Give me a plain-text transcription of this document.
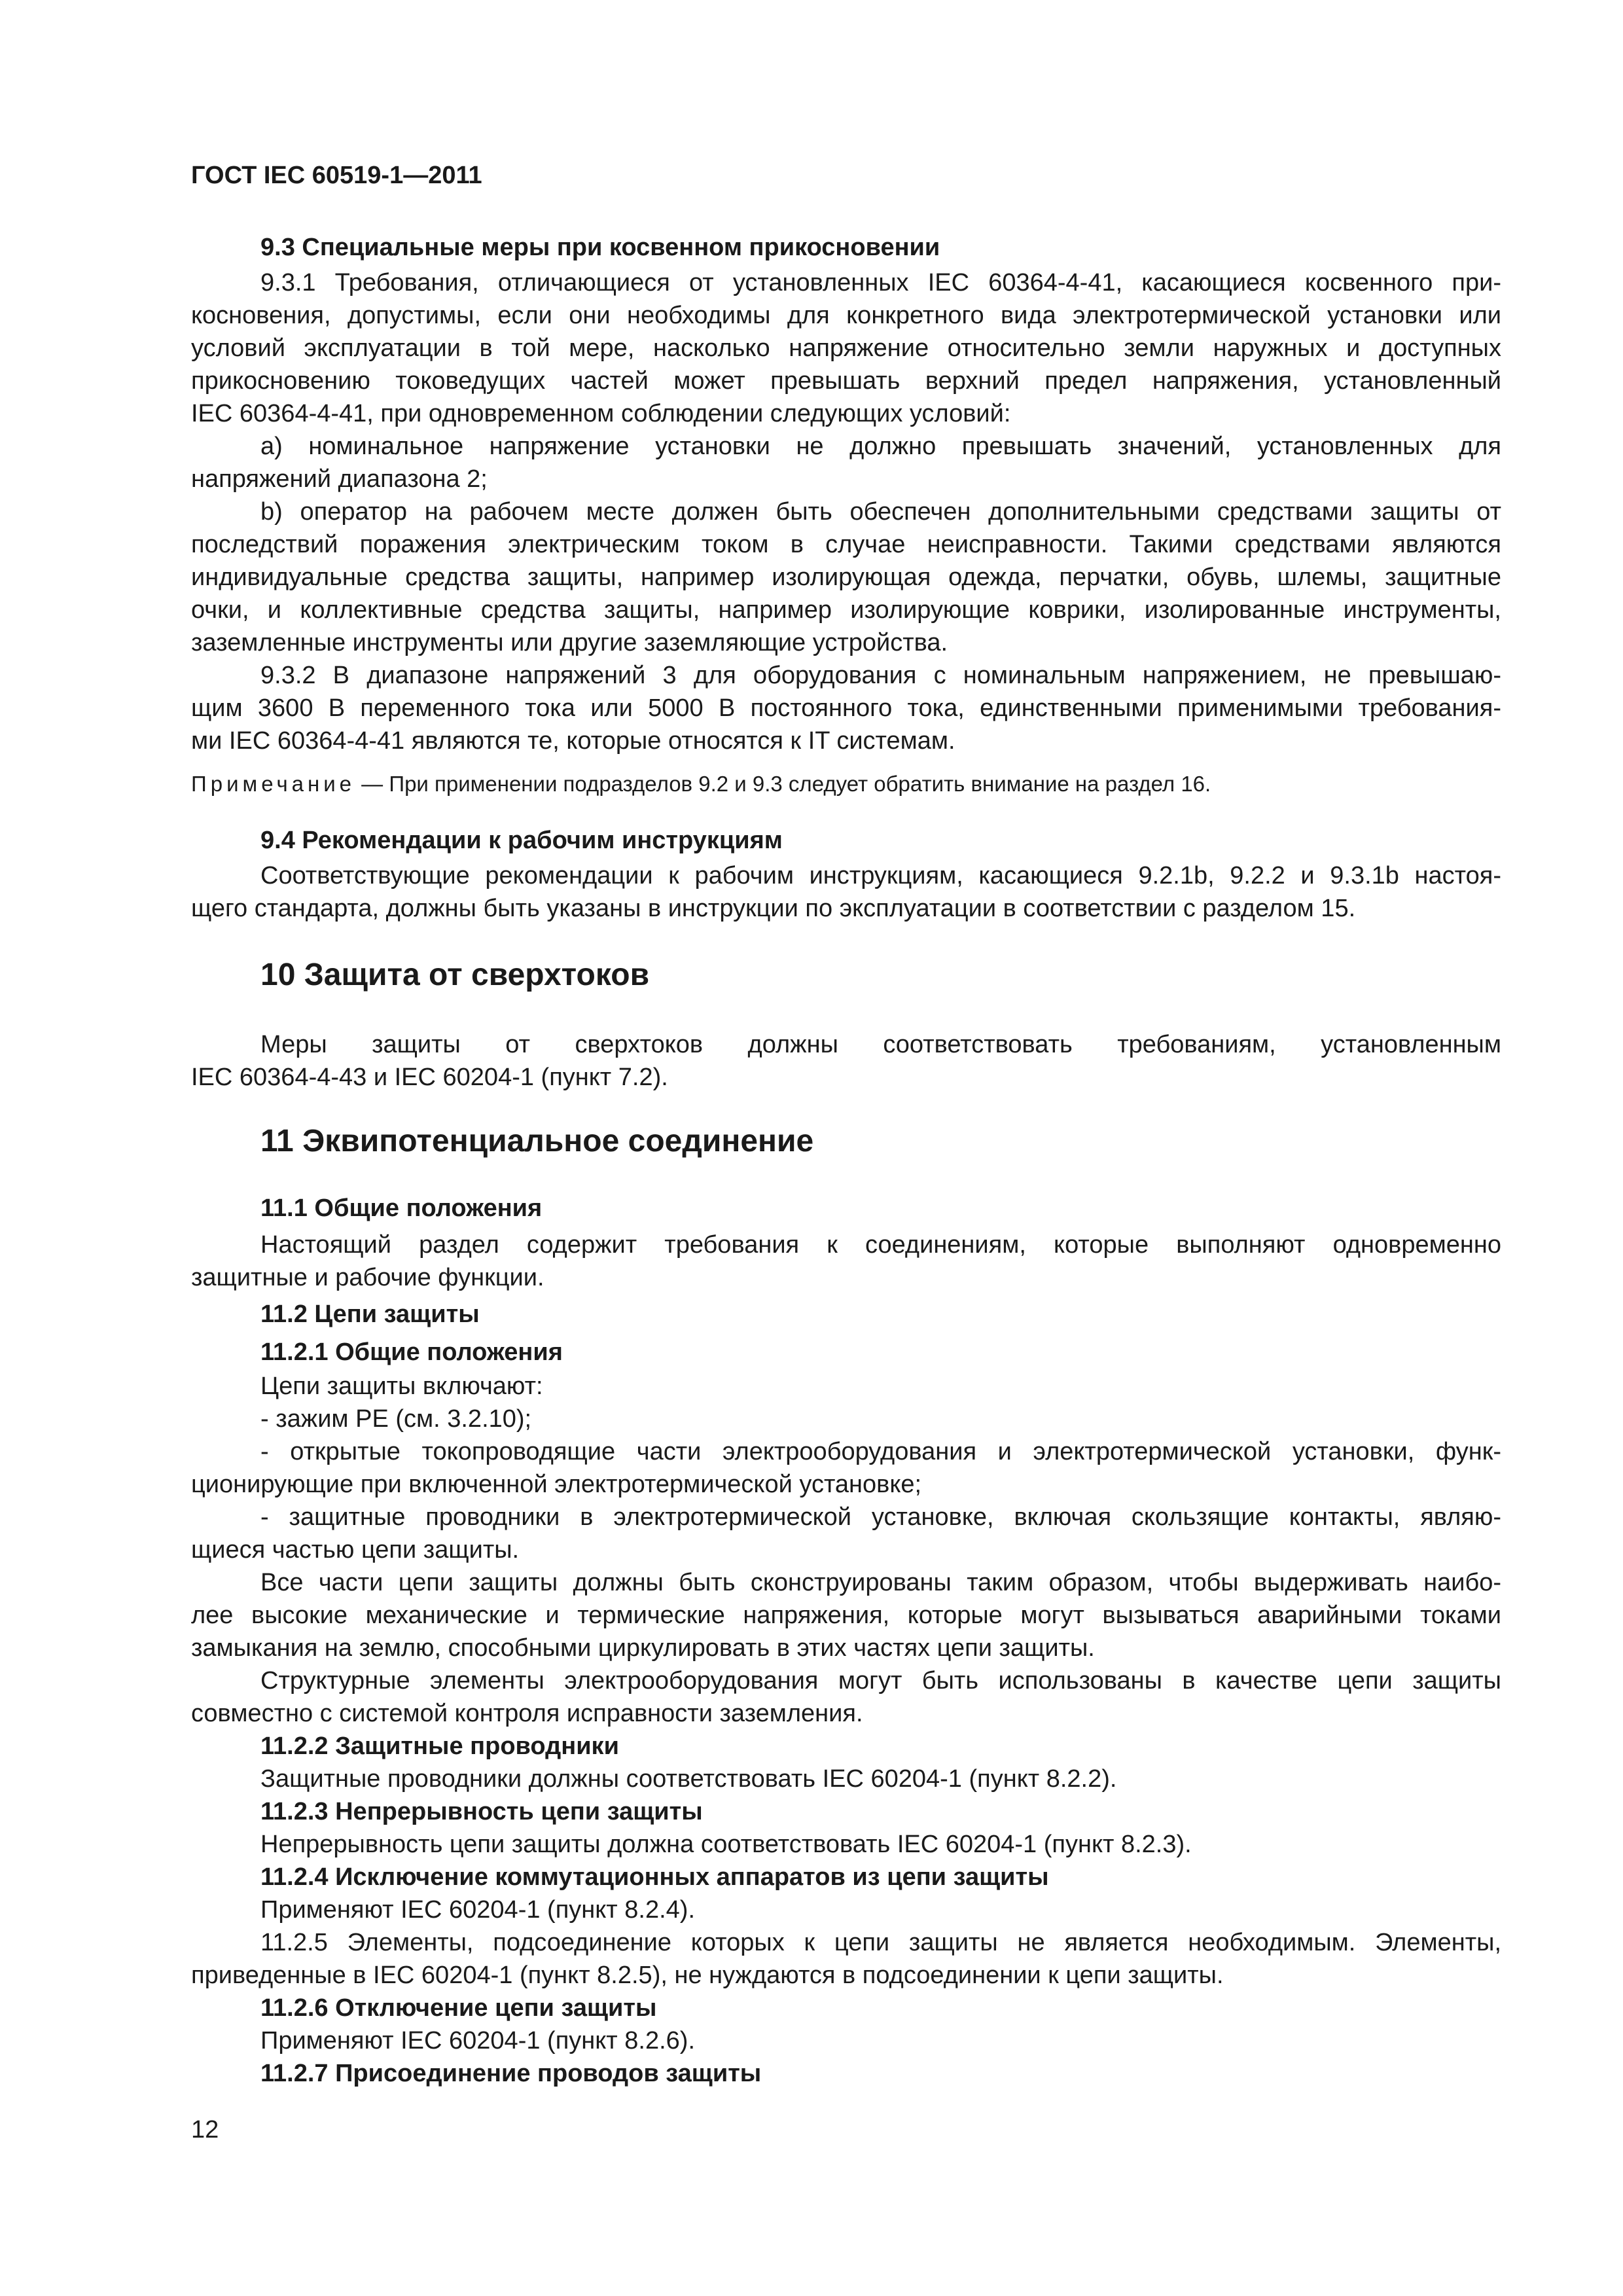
ГОСТ IEC 60519-1—2011
9.3 Специальные меры при косвенном прикосновении
9.3.1 Требования, отличающиеся от установленных IEC 60364-4-41, касающиеся косвенного при-
косновения, допустимы, если они необходимы для конкретного вида электротермической установки или
условий эксплуатации в той мере, насколько напряжение относительно земли наружных и доступных
прикосновению токоведущих частей может превышать верхний предел напряжения, установленный
IEC 60364-4-41, при одновременном соблюдении следующих условий:
a) номинальное напряжение установки не должно превышать значений, установленных для
напряжений диапазона 2;
b) оператор на рабочем месте должен быть обеспечен дополнительными средствами защиты от
последствий поражения электрическим током в случае неисправности. Такими средствами являются
индивидуальные средства защиты, например изолирующая одежда, перчатки, обувь, шлемы, защитные
очки, и коллективные средства защиты, например изолирующие коврики, изолированные инструменты,
заземленные инструменты или другие заземляющие устройства.
9.3.2 В диапазоне напряжений 3 для оборудования с номинальным напряжением, не превышаю-
щим 3600 В переменного тока или 5000 В постоянного тока, единственными применимыми требования-
ми IEC 60364-4-41 являются те, которые относятся к IT системам.
Примечание — При применении подразделов 9.2 и 9.3 следует обратить внимание на раздел 16.
9.4 Рекомендации к рабочим инструкциям
Соответствующие рекомендации к рабочим инструкциям, касающиеся 9.2.1b, 9.2.2 и 9.3.1b настоя-
щего стандарта, должны быть указаны в инструкции по эксплуатации в соответствии с разделом 15.
10 Защита от сверхтоков
Меры защиты от сверхтоков должны соответствовать требованиям, установленным
IEC 60364-4-43 и IEC 60204-1 (пункт 7.2).
11 Эквипотенциальное соединение
11.1 Общие положения
Настоящий раздел содержит требования к соединениям, которые выполняют одновременно
защитные и рабочие функции.
11.2 Цепи защиты
11.2.1 Общие положения
Цепи защиты включают:
- зажим PE (см. 3.2.10);
- открытые токопроводящие части электрооборудования и электротермической установки, функ-
ционирующие при включенной электротермической установке;
- защитные проводники в электротермической установке, включая скользящие контакты, являю-
щиеся частью цепи защиты.
Все части цепи защиты должны быть сконструированы таким образом, чтобы выдерживать наибо-
лее высокие механические и термические напряжения, которые могут вызываться аварийными токами
замыкания на землю, способными циркулировать в этих частях цепи защиты.
Структурные элементы электрооборудования могут быть использованы в качестве цепи защиты
совместно с системой контроля исправности заземления.
11.2.2 Защитные проводники
Защитные проводники должны соответствовать IEC 60204-1 (пункт 8.2.2).
11.2.3 Непрерывность цепи защиты
Непрерывность цепи защиты должна соответствовать IEC 60204-1 (пункт 8.2.3).
11.2.4 Исключение коммутационных аппаратов из цепи защиты
Применяют IEC 60204-1 (пункт 8.2.4).
11.2.5 Элементы, подсоединение которых к цепи защиты не является необходимым. Элементы,
приведенные в IEC 60204-1 (пункт 8.2.5), не нуждаются в подсоединении к цепи защиты.
11.2.6 Отключение цепи защиты
Применяют IEC 60204-1 (пункт 8.2.6).
11.2.7 Присоединение проводов защиты
12
